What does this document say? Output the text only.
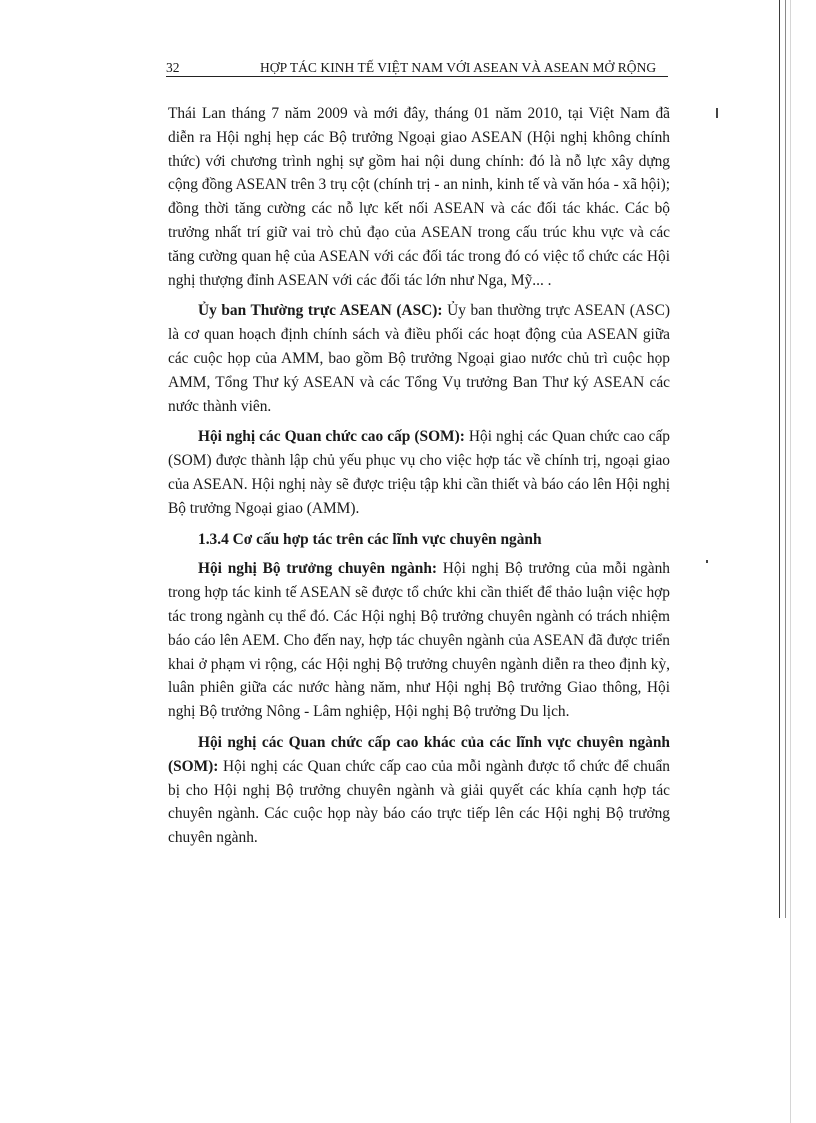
32	HỢP TÁC KINH TẾ VIỆT NAM VỚI ASEAN VÀ ASEAN MỞ RỘNG

Thái Lan tháng 7 năm 2009 và mới đây, tháng 01 năm 2010, tại Việt Nam đã diễn ra Hội nghị hẹp các Bộ trưởng Ngoại giao ASEAN (Hội nghị không chính thức) với chương trình nghị sự gồm hai nội dung chính: đó là nỗ lực xây dựng cộng đồng ASEAN trên 3 trụ cột (chính trị - an ninh, kinh tế và văn hóa - xã hội); đồng thời tăng cường các nỗ lực kết nối ASEAN và các đối tác khác. Các bộ trưởng nhất trí giữ vai trò chủ đạo của ASEAN trong cấu trúc khu vực và các tăng cường quan hệ của ASEAN với các đối tác trong đó có việc tổ chức các Hội nghị thượng đỉnh ASEAN với các đối tác lớn như Nga, Mỹ... .

Ủy ban Thường trực ASEAN (ASC): Ủy ban thường trực ASEAN (ASC) là cơ quan hoạch định chính sách và điều phối các hoạt động của ASEAN giữa các cuộc họp của AMM, bao gồm Bộ trưởng Ngoại giao nước chủ trì cuộc họp AMM, Tổng Thư ký ASEAN và các Tổng Vụ trưởng Ban Thư ký ASEAN các nước thành viên.

Hội nghị các Quan chức cao cấp (SOM): Hội nghị các Quan chức cao cấp (SOM) được thành lập chủ yếu phục vụ cho việc hợp tác về chính trị, ngoại giao của ASEAN. Hội nghị này sẽ được triệu tập khi cần thiết và báo cáo lên Hội nghị Bộ trưởng Ngoại giao (AMM).

1.3.4 Cơ cấu hợp tác trên các lĩnh vực chuyên ngành

Hội nghị Bộ trưởng chuyên ngành: Hội nghị Bộ trưởng của mỗi ngành trong hợp tác kinh tế ASEAN sẽ được tổ chức khi cần thiết để thảo luận việc hợp tác trong ngành cụ thể đó. Các Hội nghị Bộ trưởng chuyên ngành có trách nhiệm báo cáo lên AEM. Cho đến nay, hợp tác chuyên ngành của ASEAN đã được triển khai ở phạm vi rộng, các Hội nghị Bộ trưởng chuyên ngành diễn ra theo định kỳ, luân phiên giữa các nước hàng năm, như Hội nghị Bộ trưởng Giao thông, Hội nghị Bộ trưởng Nông - Lâm nghiệp, Hội nghị Bộ trưởng Du lịch.

Hội nghị các Quan chức cấp cao khác của các lĩnh vực chuyên ngành (SOM): Hội nghị các Quan chức cấp cao của mỗi ngành được tổ chức để chuẩn bị cho Hội nghị Bộ trưởng chuyên ngành và giải quyết các khía cạnh hợp tác chuyên ngành. Các cuộc họp này báo cáo trực tiếp lên các Hội nghị Bộ trưởng chuyên ngành.
